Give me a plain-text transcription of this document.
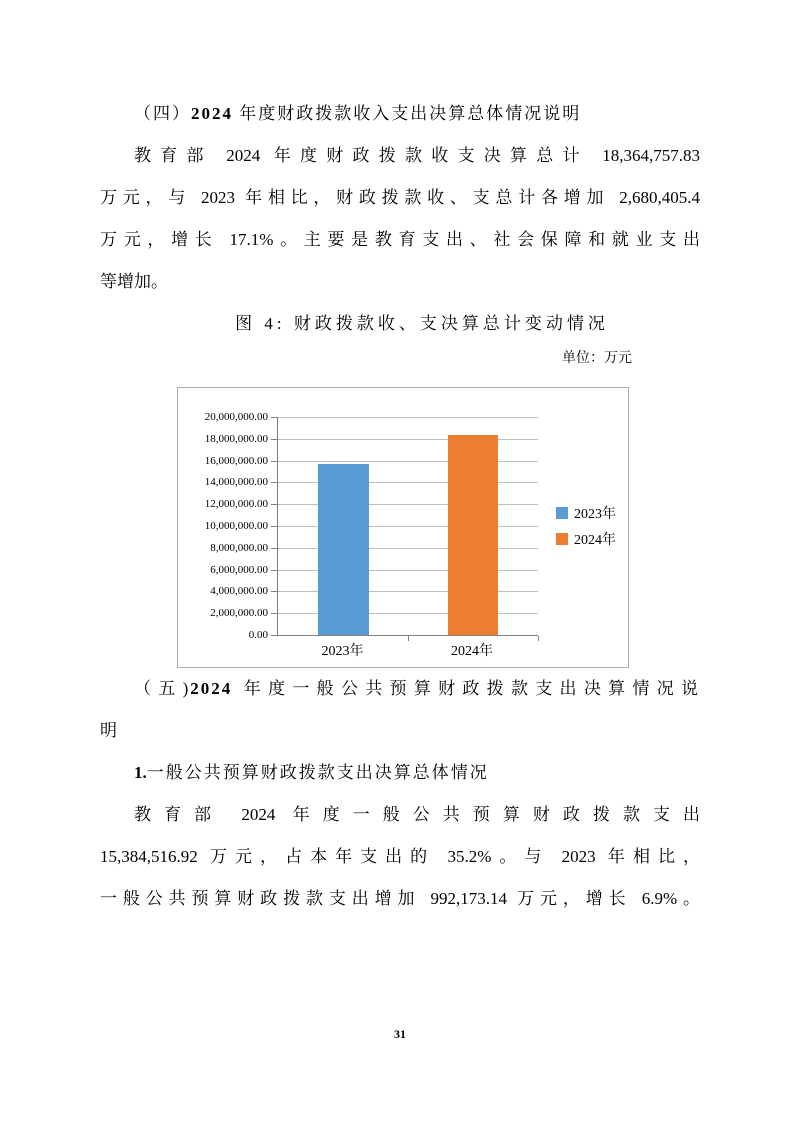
（四）2024 年度财政拨款收入支出决算总体情况说明
教育部 2024 年度财政拨款收支决算总计 18,364,757.83
万元，与 2023 年相比，财政拨款收、支总计各增加 2,680,405.4
万元，增长 17.1%。主要是教育支出、社会保障和就业支出
等增加。
图 4: 财政拨款收、支决算总计变动情况
单位：万元
2023年
2024年
0.00
2,000,000.00
4,000,000.00
6,000,000.00
8,000,000.00
10,000,000.00
12,000,000.00
14,000,000.00
16,000,000.00
18,000,000.00
20,000,000.00
2023年	2024年
（五)2024 年度一般公共预算财政拨款支出决算情况说
明
1.一般公共预算财政拨款支出决算总体情况
教育部 2024 年度一般公共预算财政拨款支出
15,384,516.92 万元，占本年支出的 35.2%。与 2023 年相比，
一般公共预算财政拨款支出增加 992,173.14 万元，增长 6.9%。
31
